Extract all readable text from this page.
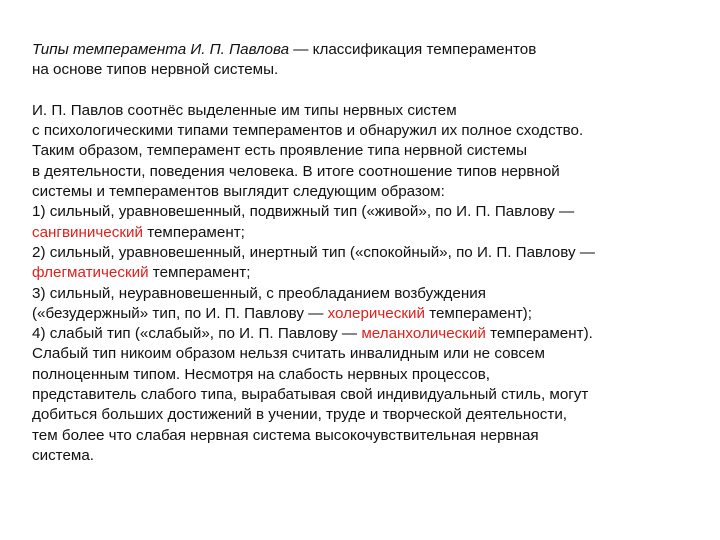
Типы темперамента И. П. Павлова — классификация темпераментов
на основе типов нервной системы.
И. П. Павлов соотнёс выделенные им типы нервных систем
с психологическими типами темпераментов и обнаружил их полное сходство.
Таким образом, темперамент есть проявление типа нервной системы
в деятельности, поведения человека. В итоге соотношение типов нервной
системы и темпераментов выглядит следующим образом:
1) сильный, уравновешенный, подвижный тип («живой», по И. П. Павлову —
сангвинический темперамент;
2) сильный, уравновешенный, инертный тип («спокойный», по И. П. Павлову —
флегматический темперамент;
3) сильный, неуравновешенный, с преобладанием возбуждения
(«безудержный» тип, по И. П. Павлову — холерический темперамент);
4) слабый тип («слабый», по И. П. Павлову — меланхолический темперамент).
Слабый тип никоим образом нельзя считать инвалидным или не совсем
полноценным типом. Несмотря на слабость нервных процессов,
представитель слабого типа, вырабатывая свой индивидуальный стиль, могут
добиться больших достижений в учении, труде и творческой деятельности,
тем более что слабая нервная система высокочувствительная нервная
система.
